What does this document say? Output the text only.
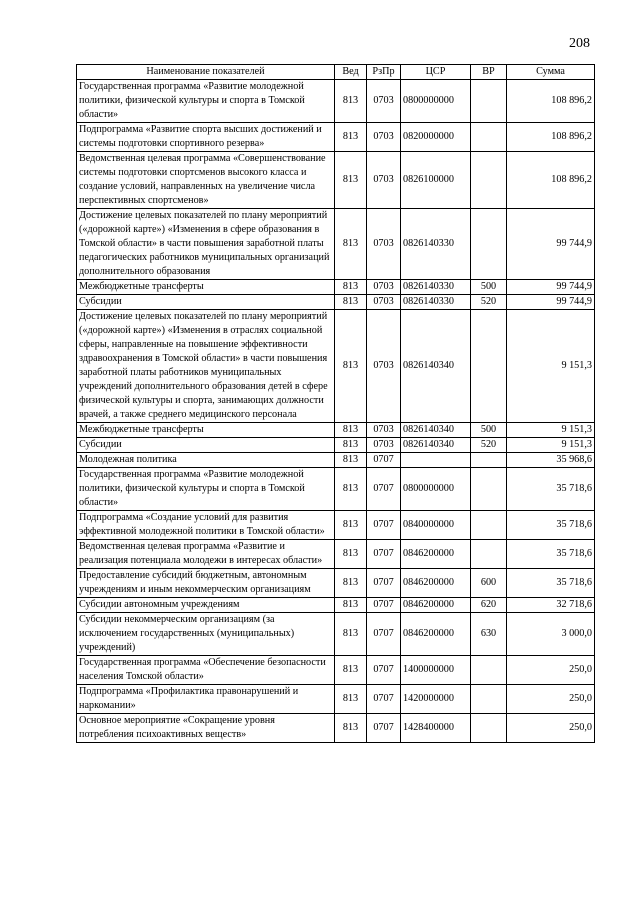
208
Наименование показателей	Вед	РзПр	ЦСР	ВР	Сумма
Государственная программа «Развитие молодежной политики, физической культуры и спорта в Томской области»	813	0703	0800000000		108 896,2
Подпрограмма «Развитие спорта высших достижений и системы подготовки спортивного резерва»	813	0703	0820000000		108 896,2
Ведомственная целевая программа «Совершенствование системы подготовки спортсменов высокого класса и создание условий, направленных на увеличение числа перспективных спортсменов»	813	0703	0826100000		108 896,2
Достижение целевых показателей по плану мероприятий («дорожной карте») «Изменения в сфере образования в Томской области» в части повышения заработной платы педагогических работников муниципальных организаций дополнительного образования	813	0703	0826140330		99 744,9
Межбюджетные трансферты	813	0703	0826140330	500	99 744,9
Субсидии	813	0703	0826140330	520	99 744,9
Достижение целевых показателей по плану мероприятий («дорожной карте») «Изменения в отраслях социальной сферы, направленные на повышение эффективности здравоохранения в Томской области» в части повышения заработной платы работников муниципальных учреждений дополнительного образования детей в сфере физической культуры и спорта, занимающих должности врачей, а также среднего медицинского персонала	813	0703	0826140340		9 151,3
Межбюджетные трансферты	813	0703	0826140340	500	9 151,3
Субсидии	813	0703	0826140340	520	9 151,3
Молодежная политика	813	0707			35 968,6
Государственная программа «Развитие молодежной политики, физической культуры и спорта в Томской области»	813	0707	0800000000		35 718,6
Подпрограмма «Создание условий для развития эффективной молодежной политики в Томской области»	813	0707	0840000000		35 718,6
Ведомственная целевая программа «Развитие и реализация потенциала молодежи в интересах области»	813	0707	0846200000		35 718,6
Предоставление субсидий бюджетным, автономным учреждениям и иным некоммерческим организациям	813	0707	0846200000	600	35 718,6
Субсидии автономным учреждениям	813	0707	0846200000	620	32 718,6
Субсидии некоммерческим организациям (за исключением государственных (муниципальных) учреждений)	813	0707	0846200000	630	3 000,0
Государственная программа «Обеспечение безопасности населения Томской области»	813	0707	1400000000		250,0
Подпрограмма «Профилактика правонарушений и наркомании»	813	0707	1420000000		250,0
Основное мероприятие «Сокращение уровня потребления психоактивных веществ»	813	0707	1428400000		250,0
